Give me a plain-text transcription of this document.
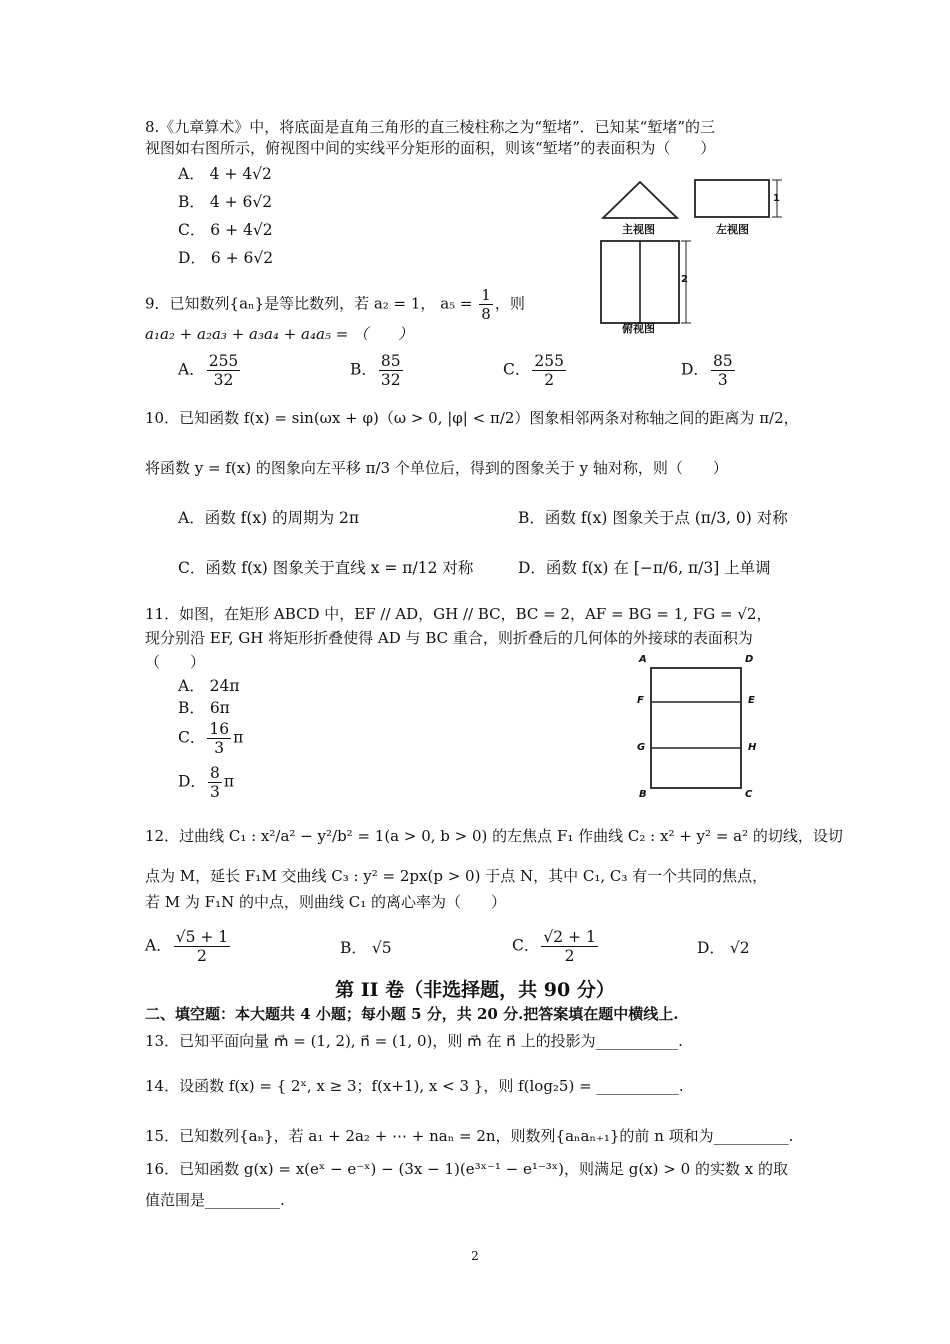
8.《九章算术》中，将底面是直角三角形的直三棱柱称之为“堑堵”．已知某“堑堵”的三
视图如右图所示，俯视图中间的实线平分矩形的面积，则该“堑堵”的表面积为（　　）
A． 4 + 4√2
B． 4 + 6√2
C． 6 + 4√2
D． 6 + 6√2
主视图	左视图
俯视图
1
2
9．已知数列{aₙ}是等比数列，若 a₂ = 1， $a_5 = \frac{1}{8}$ ，则
a₁a₂ + a₂a₃ + a₃a₄ + a₄a₅ = （　　）
A． $\frac{255}{32}$	B． $\frac{85}{32}$	C． $\frac{255}{2}$	D． $\frac{85}{3}$
10．已知函数 f(x) = sin(ωx + φ)（ω > 0, |φ| < π/2）图象相邻两条对称轴之间的距离为 π/2，
将函数 y = f(x) 的图象向左平移 π/3 个单位后，得到的图象关于 y 轴对称，则（　　）
A．函数 f(x) 的周期为 2π	B．函数 f(x) 图象关于点 (π/3, 0) 对称
C．函数 f(x) 图象关于直线 x = π/12 对称	D．函数 f(x) 在 [−π/6, π/3] 上单调
11．如图，在矩形 ABCD 中，EF // AD，GH // BC，BC = 2，AF = BG = 1, FG = √2，
现分别沿 EF, GH 将矩形折叠使得 AD 与 BC 重合，则折叠后的几何体的外接球的表面积为
（　　）
A． 24π
B． 6π
C． $\frac{16}{3}$ π
D． $\frac{8}{3}$ π
A	D
F	E
G	H
B	C
12．过曲线 C₁ : x²/a² − y²/b² = 1(a > 0, b > 0) 的左焦点 F₁ 作曲线 C₂ : x² + y² = a² 的切线，设切
点为 M，延长 F₁M 交曲线 C₃ : y² = 2px(p > 0) 于点 N，其中 C₁, C₃ 有一个共同的焦点，
若 M 为 F₁N 的中点，则曲线 C₁ 的离心率为（　　）
A． $\frac{√5 + 1}{2}$	B． √5	C． $\frac{√2 + 1}{2}$	D． √2
第 II 卷（非选择题，共 90 分）
二、填空题：本大题共 4 小题；每小题 5 分，共 20 分.把答案填在题中横线上.
13．已知平面向量 m⃗ = (1, 2), n⃗ = (1, 0)，则 m⃗ 在 n⃗ 上的投影为___________.
14．设函数 f(x) = { 2ˣ, x ≥ 3；f(x+1), x < 3 }，则 f(log₂5) = ___________.
15．已知数列{aₙ}，若 a₁ + 2a₂ + ⋯ + naₙ = 2n，则数列{aₙaₙ₊₁}的前 n 项和为__________.
16．已知函数 g(x) = x(eˣ − e⁻ˣ) − (3x − 1)(e³ˣ⁻¹ − e¹⁻³ˣ)，则满足 g(x) > 0 的实数 x 的取
值范围是__________.
2
